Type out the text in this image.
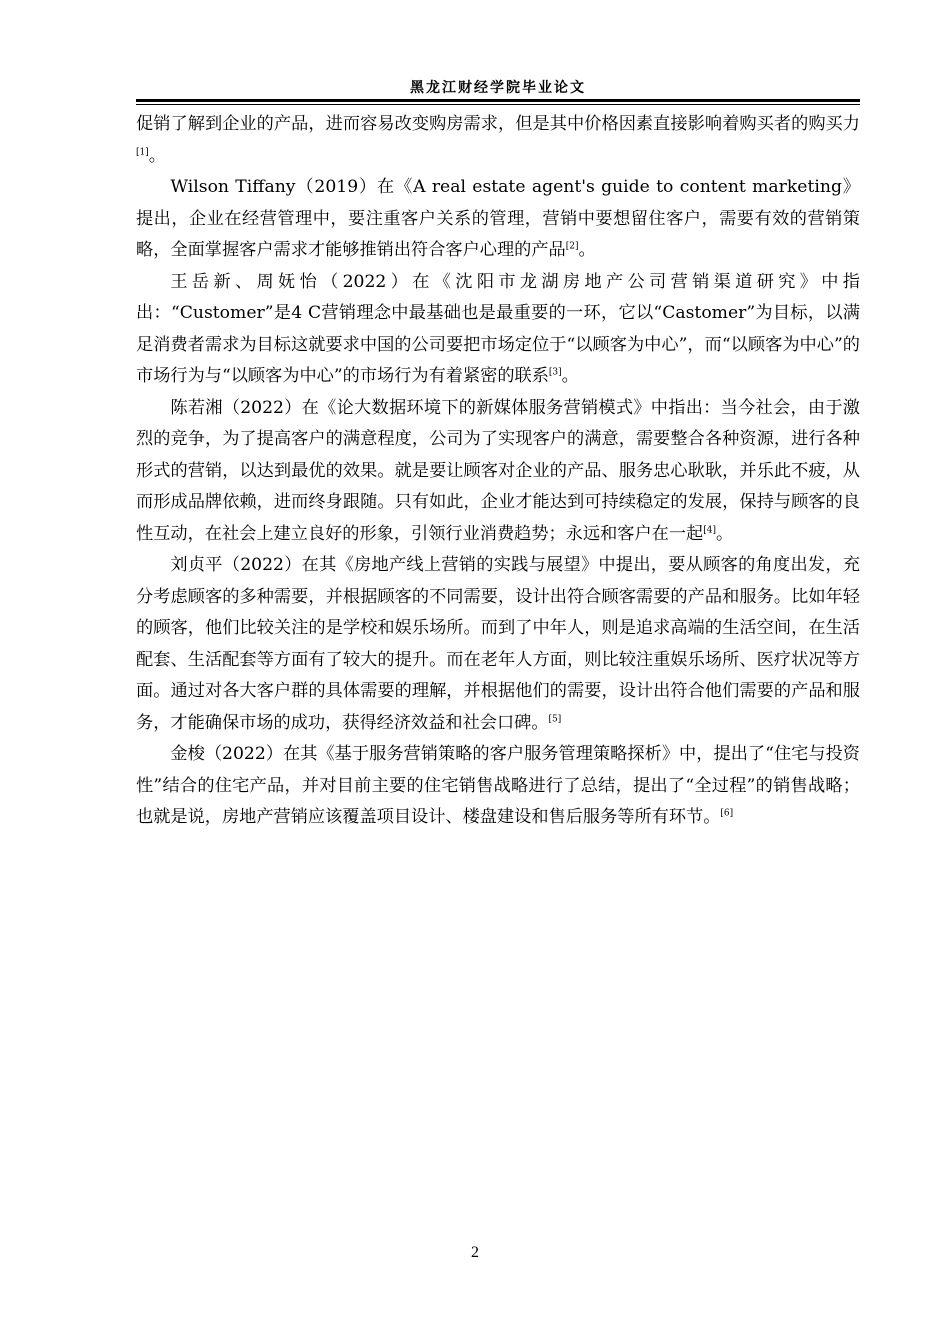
黑龙江财经学院毕业论文

促销了解到企业的产品，进而容易改变购房需求，但是其中价格因素直接影响着购买者的购买力[1]。

Wilson Tiffany（2019）在《A real estate agent's guide to content marketing》提出，企业在经营管理中，要注重客户关系的管理，营销中要想留住客户，需要有效的营销策略，全面掌握客户需求才能够推销出符合客户心理的产品[2]。

王岳新、周妩怡（2022）在《沈阳市龙湖房地产公司营销渠道研究》中指出：“Customer”是4 C营销理念中最基础也是最重要的一环，它以“Castomer”为目标，以满足消费者需求为目标这就要求中国的公司要把市场定位于“以顾客为中心”，而“以顾客为中心”的市场行为与“以顾客为中心”的市场行为有着紧密的联系[3]。

陈若湘（2022）在《论大数据环境下的新媒体服务营销模式》中指出：当今社会，由于激烈的竞争，为了提高客户的满意程度，公司为了实现客户的满意，需要整合各种资源，进行各种形式的营销，以达到最优的效果。就是要让顾客对企业的产品、服务忠心耿耿，并乐此不疲，从而形成品牌依赖，进而终身跟随。只有如此，企业才能达到可持续稳定的发展，保持与顾客的良性互动，在社会上建立良好的形象，引领行业消费趋势；永远和客户在一起[4]。

刘贞平（2022）在其《房地产线上营销的实践与展望》中提出，要从顾客的角度出发，充分考虑顾客的多种需要，并根据顾客的不同需要，设计出符合顾客需要的产品和服务。比如年轻的顾客，他们比较关注的是学校和娱乐场所。而到了中年人，则是追求高端的生活空间，在生活配套、生活配套等方面有了较大的提升。而在老年人方面，则比较注重娱乐场所、医疗状况等方面。通过对各大客户群的具体需要的理解，并根据他们的需要，设计出符合他们需要的产品和服务，才能确保市场的成功，获得经济效益和社会口碑。[5]

金梭（2022）在其《基于服务营销策略的客户服务管理策略探析》中，提出了“住宅与投资性”结合的住宅产品，并对目前主要的住宅销售战略进行了总结，提出了“全过程”的销售战略；也就是说，房地产营销应该覆盖项目设计、楼盘建设和售后服务等所有环节。[6]

2
